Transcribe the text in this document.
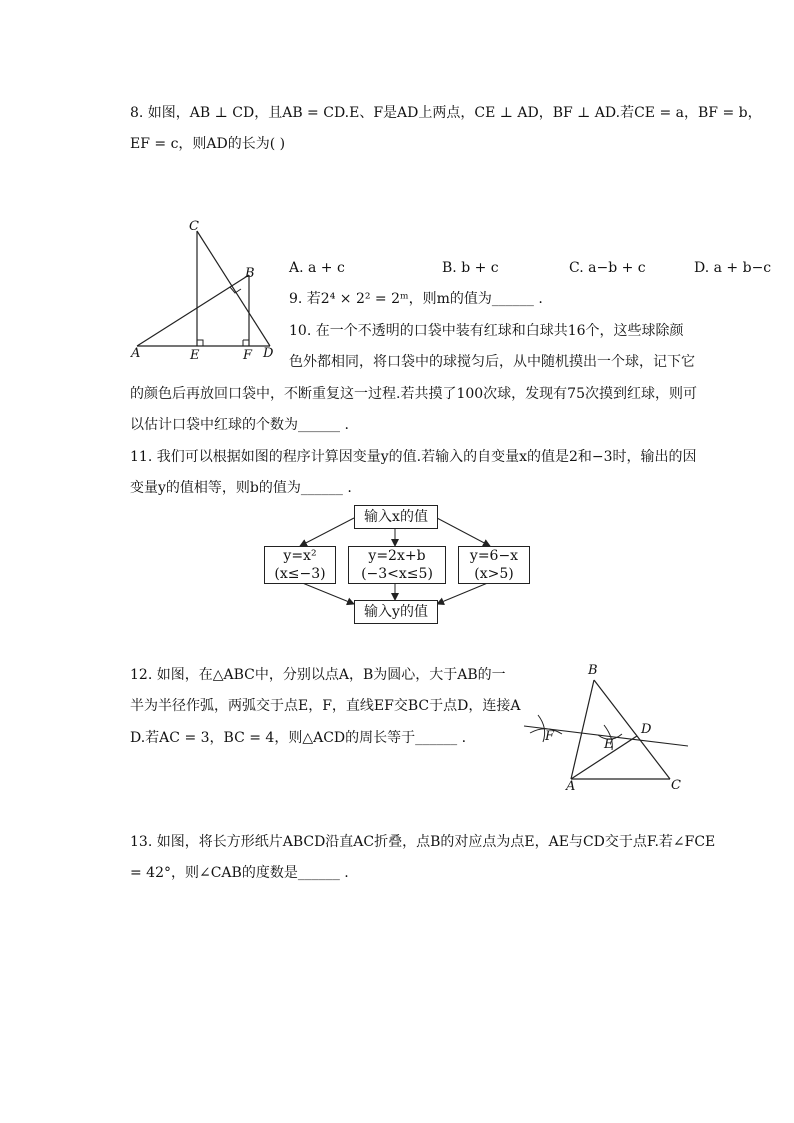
8. 如图，AB ⊥ CD，且AB = CD.E、F是AD上两点，CE ⊥ AD，BF ⊥ AD.若CE = a，BF = b，
EF = c，则AD的长为( )
C
B
A	E	F D
A. a + c	B. b + c	C. a−b + c	D. a + b−c
9. 若2⁴ × 2² = 2ᵐ，则m的值为______ .
10. 在一个不透明的口袋中装有红球和白球共16个，这些球除颜
色外都相同，将口袋中的球搅匀后，从中随机摸出一个球，记下它
的颜色后再放回口袋中，不断重复这一过程.若共摸了100次球，发现有75次摸到红球，则可
以估计口袋中红球的个数为______ .
11. 我们可以根据如图的程序计算因变量y的值.若输入的自变量x的值是2和−3时，输出的因
变量y的值相等，则b的值为______ .
输入x的值
y=x²
(x≤−3)
y=2x+b
(−3<x≤5)
y=6−x
(x>5)
输入y的值
12. 如图，在△ABC中，分别以点A，B为圆心，大于AB的一
半为半径作弧，两弧交于点E，F，直线EF交BC于点D，连接A
D.若AC = 3，BC = 4，则△ACD的周长等于______ .
B
D
F
E
A	C
13. 如图，将长方形纸片ABCD沿直AC折叠，点B的对应点为点E，AE与CD交于点F.若∠FCE
= 42°，则∠CAB的度数是______ .
